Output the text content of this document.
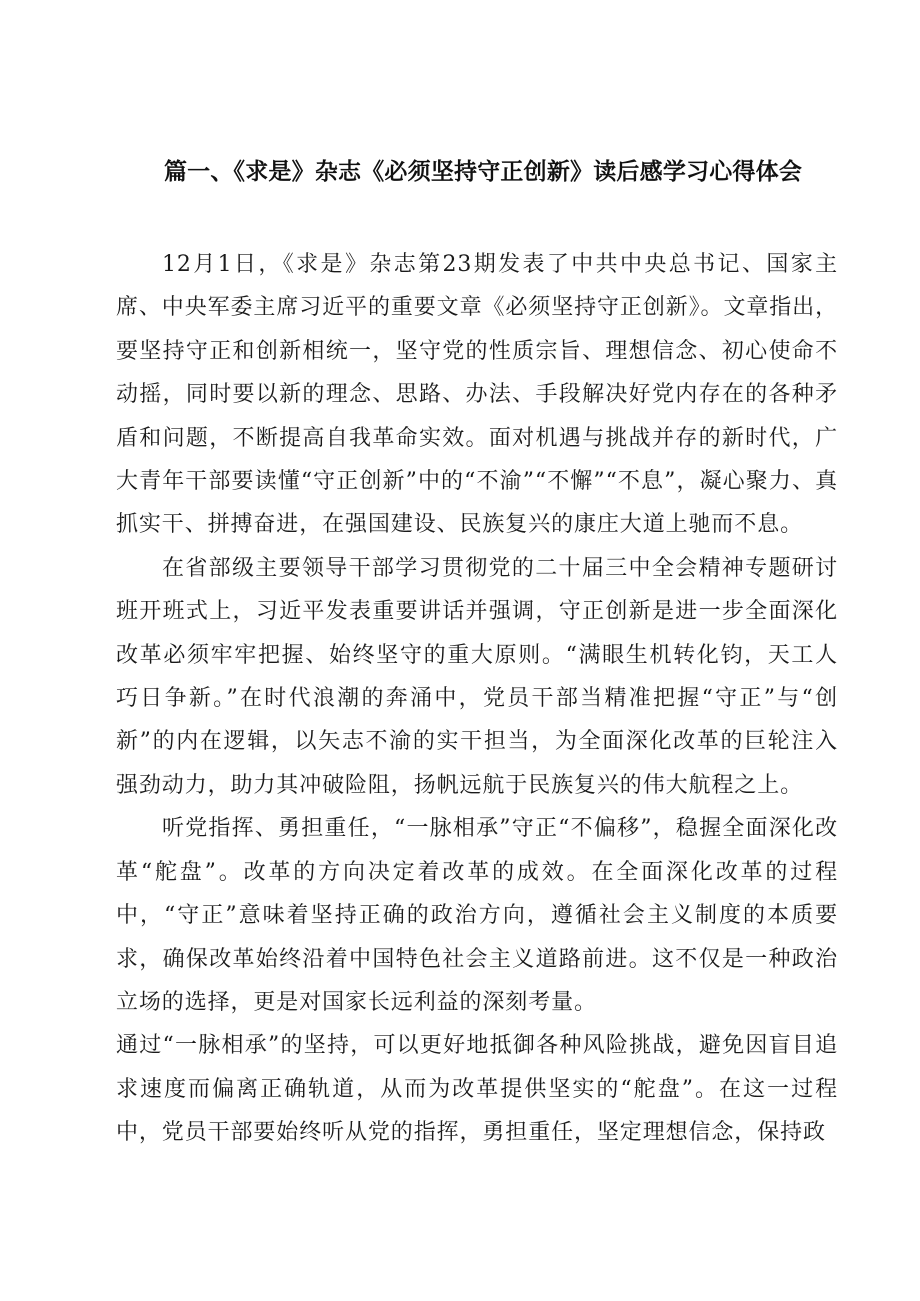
篇一、《求是》杂志《必须坚持守正创新》读后感学习心得体会

12月1日，《求是》杂志第23期发表了中共中央总书记、国家主席、中央军委主席习近平的重要文章《必须坚持守正创新》。文章指出，要坚持守正和创新相统一，坚守党的性质宗旨、理想信念、初心使命不动摇，同时要以新的理念、思路、办法、手段解决好党内存在的各种矛盾和问题，不断提高自我革命实效。面对机遇与挑战并存的新时代，广大青年干部要读懂“守正创新”中的“不渝”“不懈”“不息”，凝心聚力、真抓实干、拼搏奋进，在强国建设、民族复兴的康庄大道上驰而不息。

在省部级主要领导干部学习贯彻党的二十届三中全会精神专题研讨班开班式上，习近平发表重要讲话并强调，守正创新是进一步全面深化改革必须牢牢把握、始终坚守的重大原则。“满眼生机转化钧，天工人巧日争新。”在时代浪潮的奔涌中，党员干部当精准把握“守正”与“创新”的内在逻辑，以矢志不渝的实干担当，为全面深化改革的巨轮注入强劲动力，助力其冲破险阻，扬帆远航于民族复兴的伟大航程之上。

听党指挥、勇担重任，“一脉相承”守正“不偏移”，稳握全面深化改革“舵盘”。改革的方向决定着改革的成效。在全面深化改革的过程中，“守正”意味着坚持正确的政治方向，遵循社会主义制度的本质要求，确保改革始终沿着中国特色社会主义道路前进。这不仅是一种政治立场的选择，更是对国家长远利益的深刻考量。

通过“一脉相承”的坚持，可以更好地抵御各种风险挑战，避免因盲目追求速度而偏离正确轨道，从而为改革提供坚实的“舵盘”。在这一过程中，党员干部要始终听从党的指挥，勇担重任，坚定理想信念，保持政
